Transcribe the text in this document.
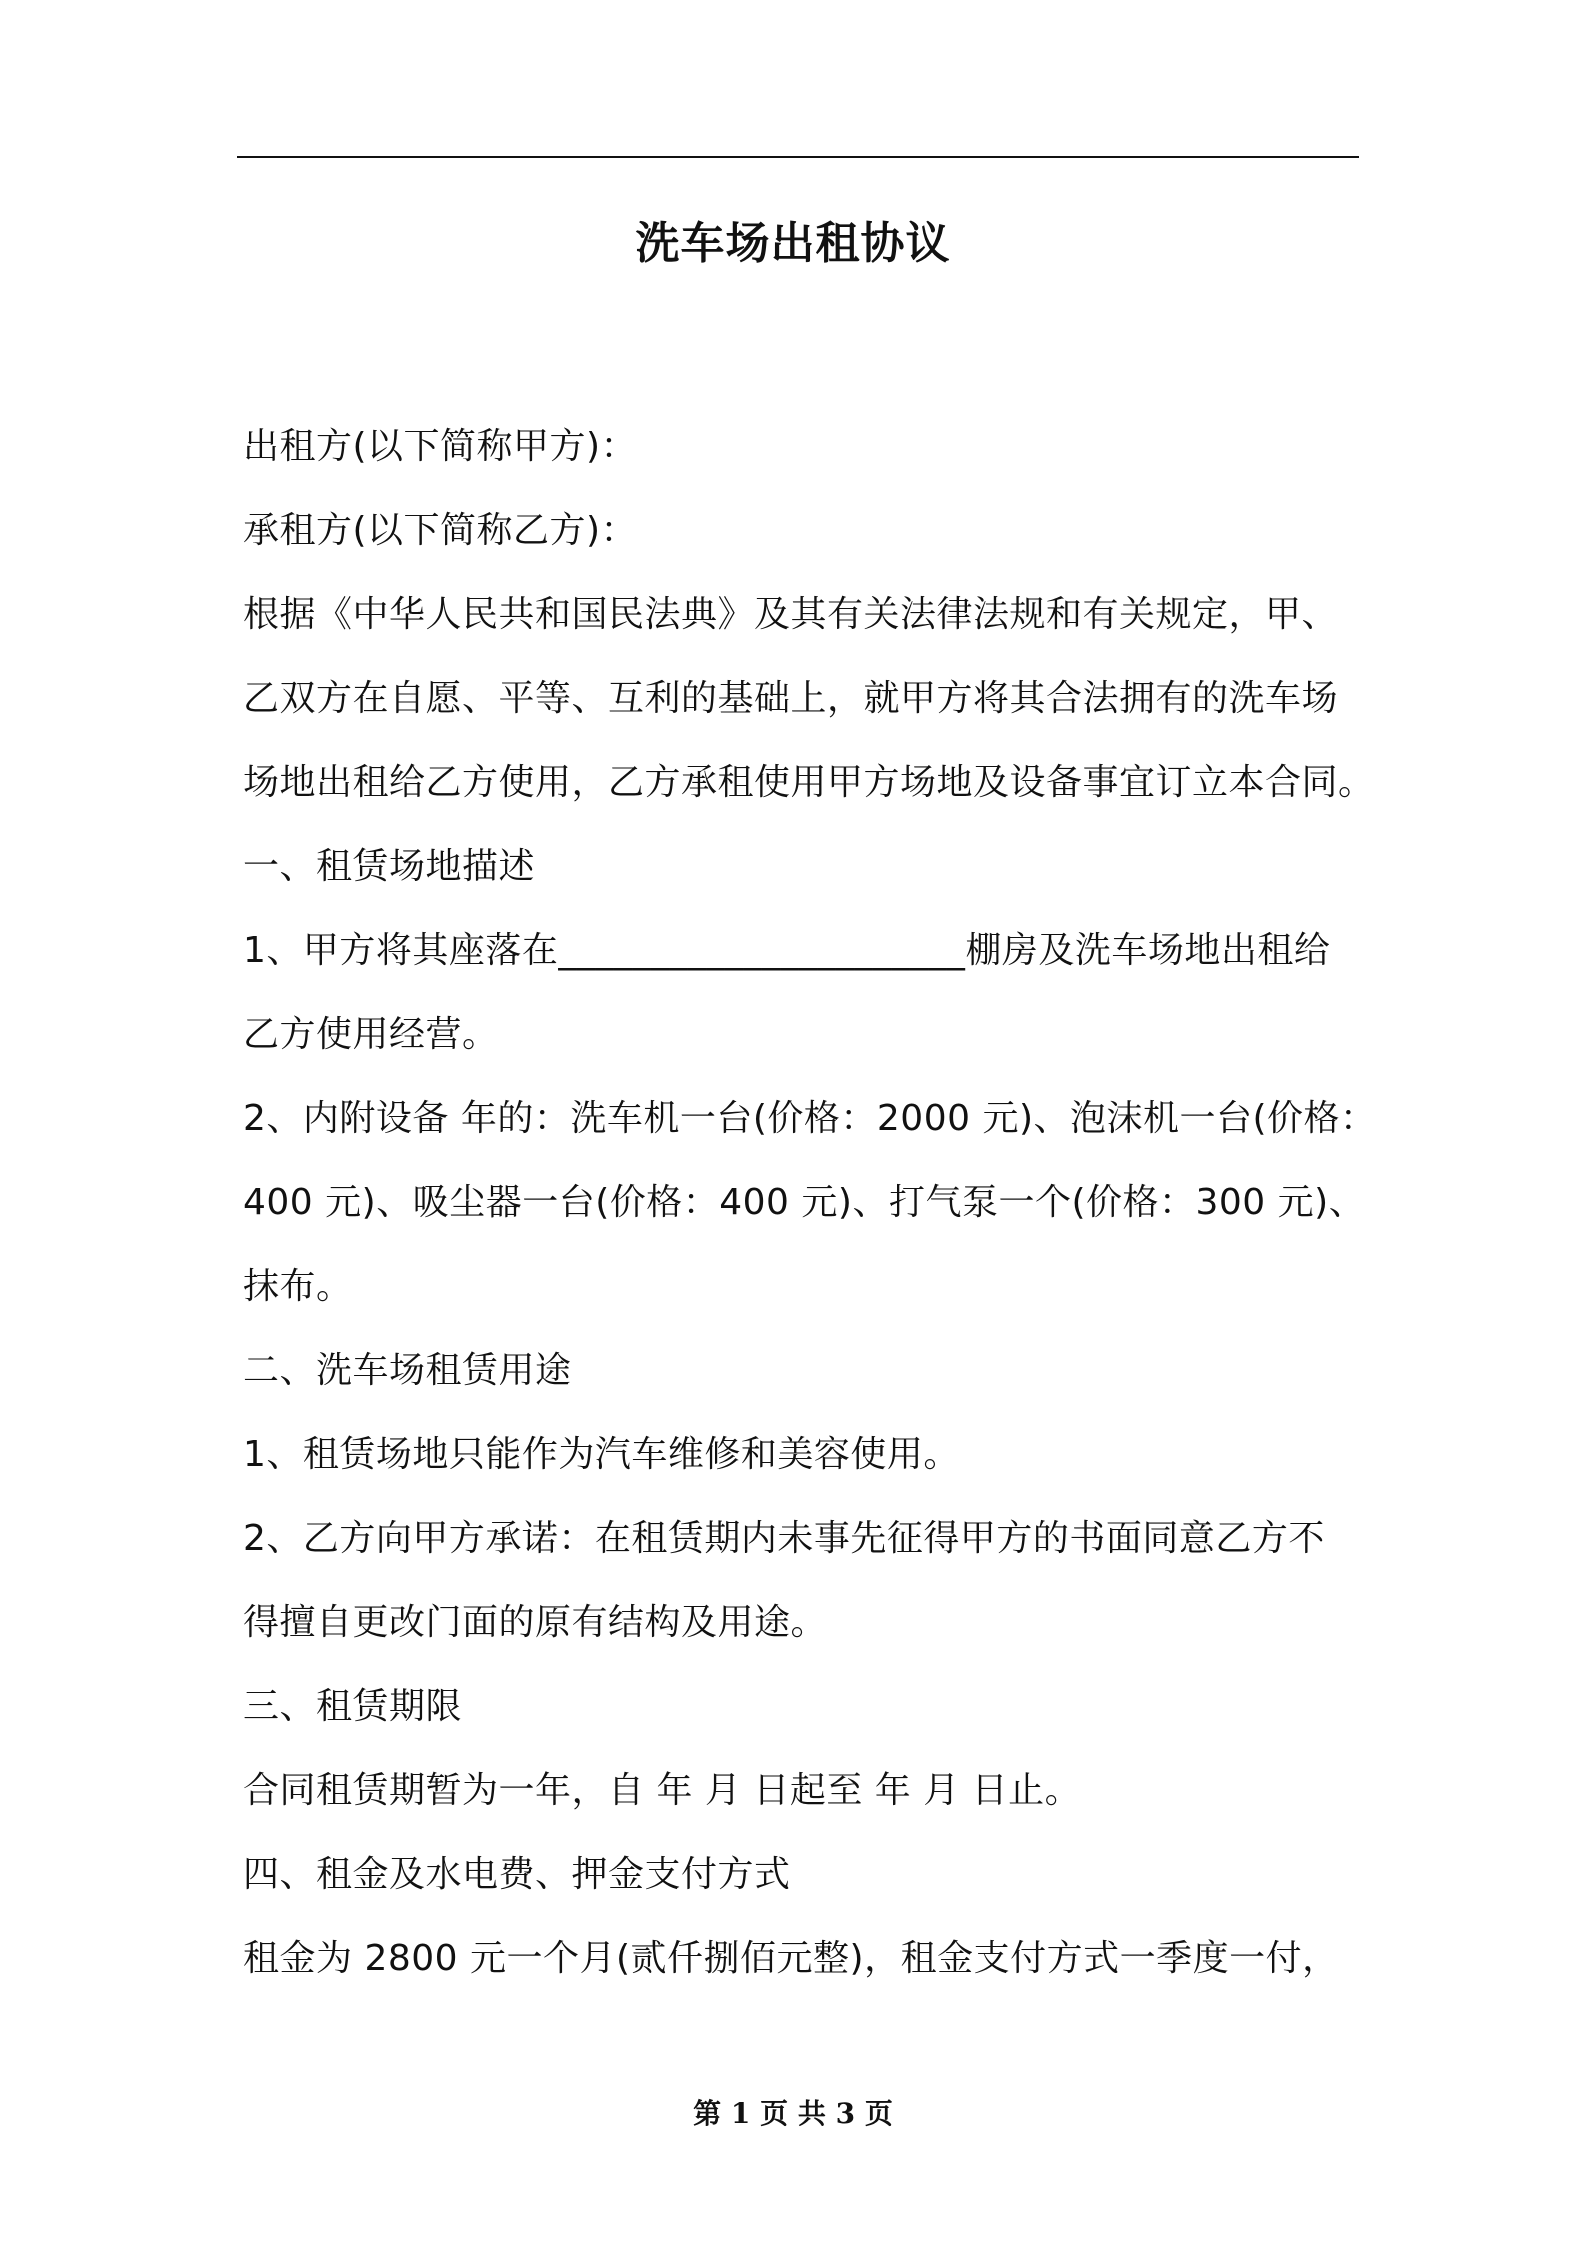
洗车场出租协议
出租方(以下简称甲方)：
承租方(以下简称乙方)：
根据《中华人民共和国民法典》及其有关法律法规和有关规定，甲、
乙双方在自愿、平等、互利的基础上，就甲方将其合法拥有的洗车场
场地出租给乙方使用，乙方承租使用甲方场地及设备事宜订立本合同。
一、租赁场地描述
1、甲方将其座落在______________________棚房及洗车场地出租给
乙方使用经营。
2、内附设备 年的：洗车机一台(价格：2000 元)、泡沫机一台(价格：
400 元)、吸尘器一台(价格：400 元)、打气泵一个(价格：300 元)、
抹布。
二、洗车场租赁用途
1、租赁场地只能作为汽车维修和美容使用。
2、乙方向甲方承诺：在租赁期内未事先征得甲方的书面同意乙方不
得擅自更改门面的原有结构及用途。
三、租赁期限
合同租赁期暂为一年，自 年 月 日起至 年 月 日止。
四、租金及水电费、押金支付方式
租金为 2800 元一个月(贰仟捌佰元整)，租金支付方式一季度一付，
第 1 页 共 3 页
